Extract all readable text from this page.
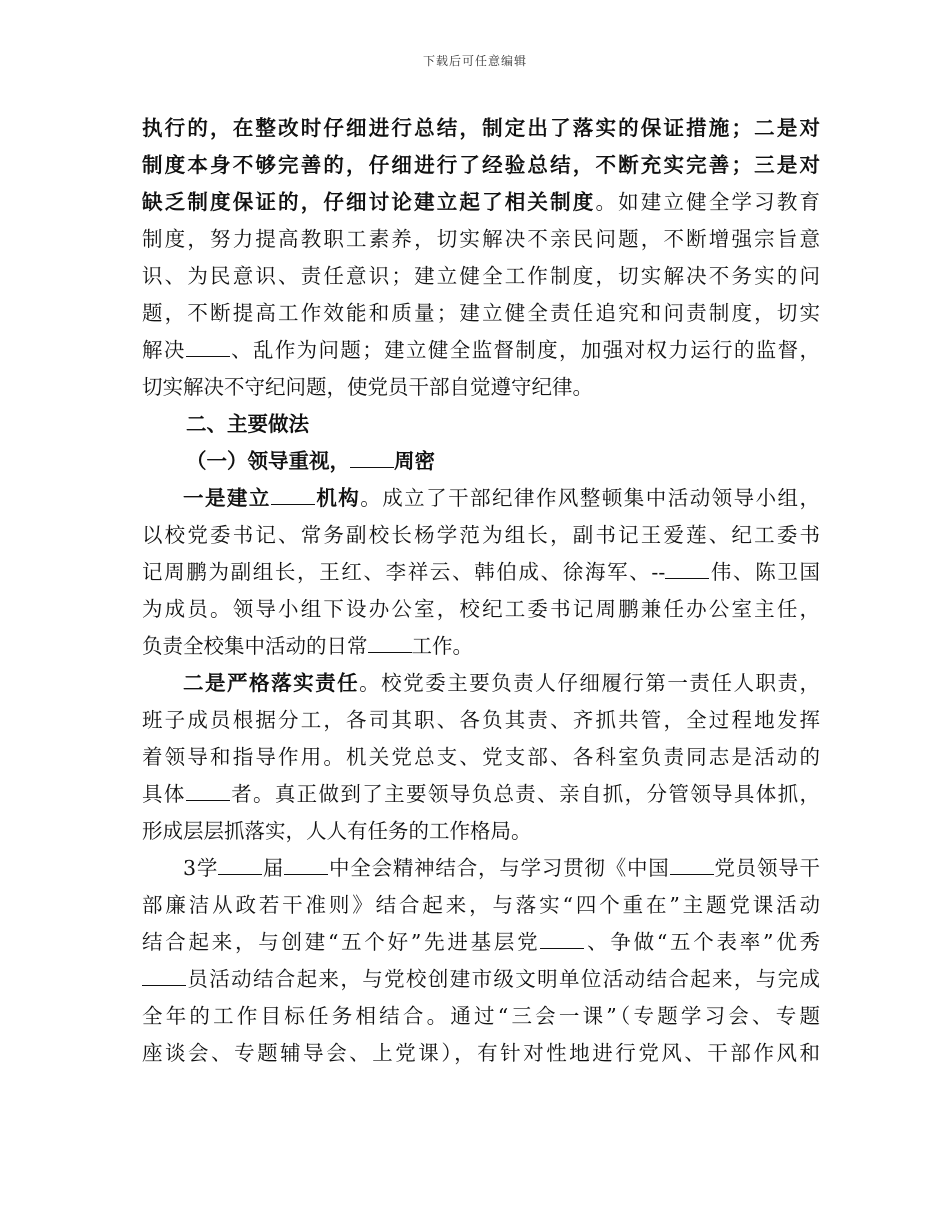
下载后可任意编辑
执行的，在整改时仔细进行总结，制定出了落实的保证措施；二是对
制度本身不够完善的，仔细进行了经验总结，不断充实完善；三是对
缺乏制度保证的，仔细讨论建立起了相关制度。如建立健全学习教育
制度，努力提高教职工素养，切实解决不亲民问题，不断增强宗旨意
识、为民意识、责任意识；建立健全工作制度，切实解决不务实的问
题，不断提高工作效能和质量；建立健全责任追究和问责制度，切实
解决 、乱作为问题；建立健全监督制度，加强对权力运行的监督，
切实解决不守纪问题，使党员干部自觉遵守纪律。
二、主要做法
（一）领导重视， 周密
一是建立 机构。成立了干部纪律作风整顿集中活动领导小组，
以校党委书记、常务副校长杨学范为组长，副书记王爱莲、纪工委书
记周鹏为副组长，王红、李祥云、韩伯成、徐海军、-- 伟、陈卫国
为成员。领导小组下设办公室，校纪工委书记周鹏兼任办公室主任，
负责全校集中活动的日常 工作。
二是严格落实责任。校党委主要负责人仔细履行第一责任人职责，
班子成员根据分工，各司其职、各负其责、齐抓共管，全过程地发挥
着领导和指导作用。机关党总支、党支部、各科室负责同志是活动的
具体 者。真正做到了主要领导负总责、亲自抓，分管领导具体抓，
形成层层抓落实，人人有任务的工作格局。
3学 届 中全会精神结合，与学习贯彻《中国 党员领导干
部廉洁从政若干准则》结合起来，与落实“四个重在”主题党课活动
结合起来，与创建“五个好”先进基层党 、争做“五个表率”优秀
员活动结合起来，与党校创建市级文明单位活动结合起来，与完成
全年的工作目标任务相结合。通过“三会一课”（专题学习会、专题
座谈会、专题辅导会、上党课），有针对性地进行党风、干部作风和
